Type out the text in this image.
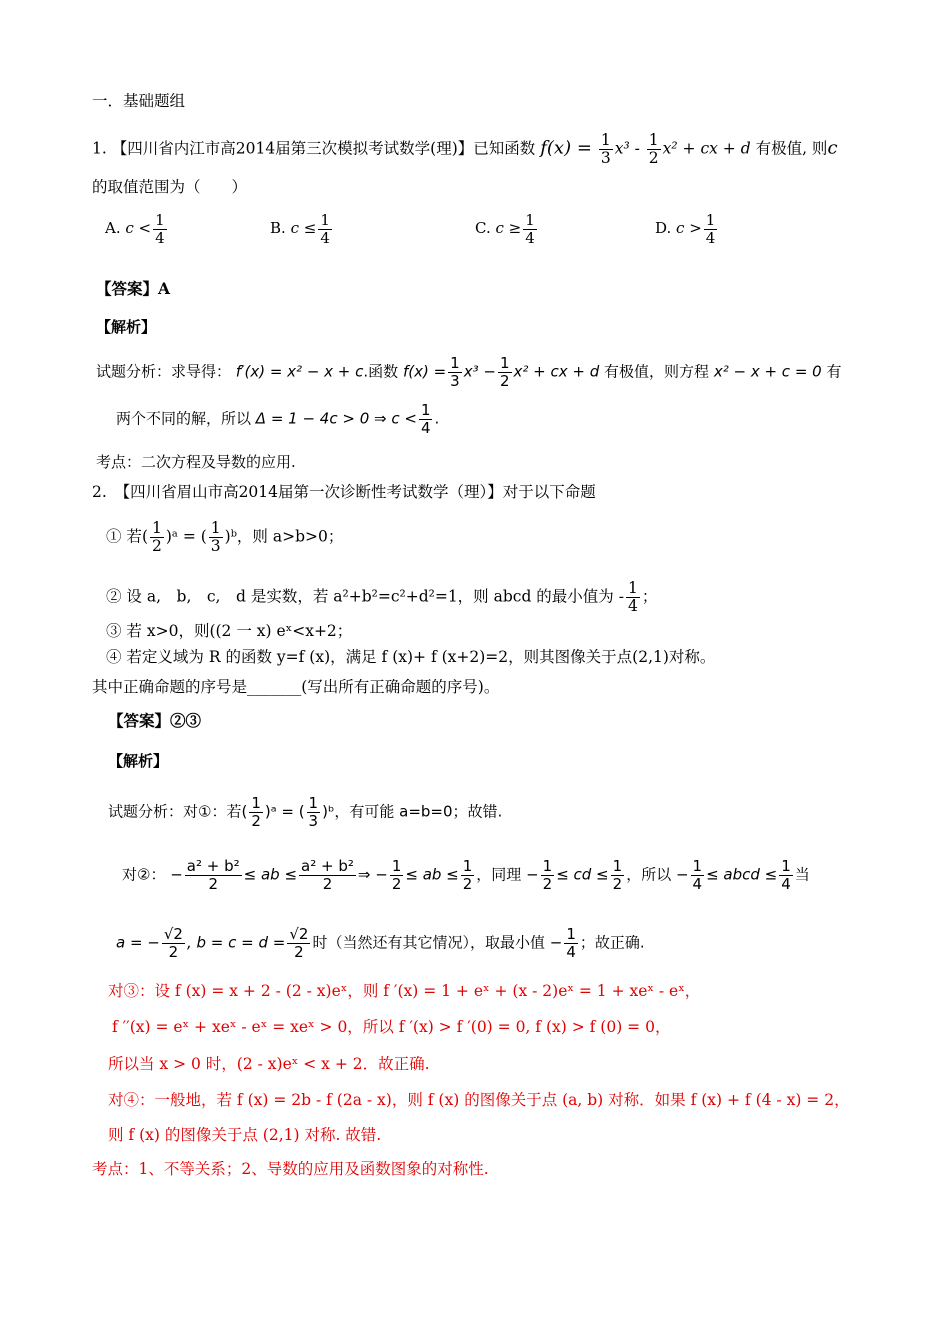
一．基础题组
1. 【四川省内江市高2014届第三次模拟考试数学(理)】已知函数 $f(x) = \frac{1}{3} x^3 - \frac{1}{2} x^2$ + cx + d 有极值, 则c
的取值范围为（　　）
A. $c < \frac{1}{4}$	B. $c \le \frac{1}{4}$	C. $c \ge \frac{1}{4}$	D. $c > \frac{1}{4}$
【答案】A
【解析】
试题分析：求导得： f′(x) = x² − x + c.函数 $f(x) = \frac{1}{3} x^3 - \frac{1}{2} x^2$ + cx + d 有极值，则方程 x² − x + c = 0 有
两个不同的解，所以 Δ = 1 − 4c > 0 ⇒ $c < \frac{1}{4}$ .
考点：二次方程及导数的应用.
2.　 【四川省眉山市高2014届第一次诊断性考试数学（理）】对于以下命题
① 若( $\frac{1}{2}$ )ᵃ = ( $\frac{1}{3}$ )ᵇ，则 a>b>0；
② 设 a,　b,　c,　d 是实数，若 a²+b²=c²+d²=1，则 abcd 的最小值为 - $\frac{1}{4}$ ；
③ 若 x>0，则((2 一 x) eˣ<x+2；
④ 若定义域为 R 的函数 y=f (x)，满足 f (x)+ f (x+2)=2，则其图像关于点(2,1)对称。
其中正确命题的序号是_______(写出所有正确命题的序号)。
【答案】②③
【解析】
试题分析：对①：若( $\frac{1}{2}$ )ᵃ = ( $\frac{1}{3}$ )ᵇ，有可能 a=b=0；故错.
对②： − $\frac{\text{a² + b²}}{2}$ ≤ ab ≤ $\frac{\text{a² + b²}}{2}$ ⇒ − $\frac{1}{2}$ ≤ ab ≤ $\frac{1}{2}$ ，同理 − $\frac{1}{2}$ ≤ cd ≤ $\frac{1}{2}$ ，所以 − $\frac{1}{4}$ ≤ abcd ≤ $\frac{1}{4}$ 当
a = − $\frac{√2}{2}$ , $b = c = d = \frac{√2}{2}$ 时（当然还有其它情况），取最小值 − $\frac{1}{4}$ ；故正确.
对③：设 f (x) = x + 2 - (2 - x)eˣ，则 f ′(x) = 1 + eˣ + (x - 2)eˣ = 1 + xeˣ - eˣ，
f ′′(x) = eˣ + xeˣ - eˣ = xeˣ > 0，所以 f ′(x) > f ′(0) = 0, f (x) > f (0) = 0，
所以当 x > 0 时，(2 - x)eˣ < x + 2．故正确.
对④：一般地，若 f (x) = 2b - f (2a - x)，则 f (x) 的图像关于点 (a, b) 对称．如果 f (x) + f (4 - x) = 2，
则 f (x) 的图像关于点 (2,1) 对称. 故错.
考点：1、不等关系；2、导数的应用及函数图象的对称性.
